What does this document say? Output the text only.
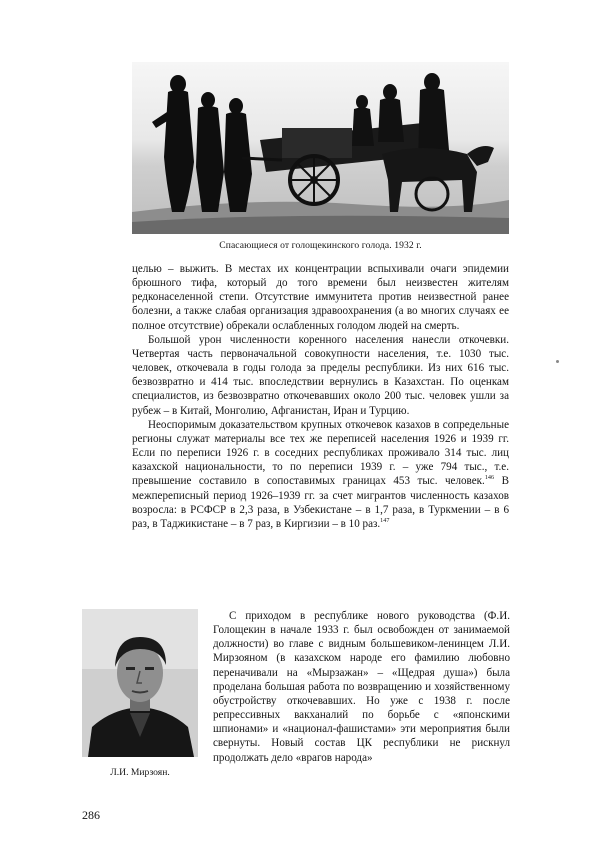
Спасающиеся от голощекинского голода. 1932 г.

целью – выжить. В местах их концентрации вспыхивали очаги эпидемии брюшного тифа, который до того времени был неизвестен жителям редконаселенной степи. Отсутствие иммунитета против неизвестной ранее болезни, а также слабая организация здравоохранения (а во многих случаях ее полное отсутствие) обрекали ослабленных голодом людей на смерть.

Большой урон численности коренного населения нанесли откочевки. Четвертая часть первоначальной совокупности населения, т.е. 1030 тыс. человек, откочевала в годы голода за пределы республики. Из них 616 тыс. безвозвратно и 414 тыс. впоследствии вернулись в Казахстан. По оценкам специалистов, из безвозвратно откочевавших около 200 тыс. человек ушли за рубеж – в Китай, Монголию, Афганистан, Иран и Турцию.

Неоспоримым доказательством крупных откочевок казахов в сопредельные регионы служат материалы все тех же переписей населения 1926 и 1939 гг. Если по переписи 1926 г. в соседних республиках проживало 314 тыс. лиц казахской национальности, то по переписи 1939 г. – уже 794 тыс., т.е. превышение составило в сопоставимых границах 453 тыс. человек.$^{146}$ В межпереписный период 1926–1939 гг. за счет мигрантов численность казахов возросла: в РСФСР в 2,3 раза, в Узбекистане – в 1,7 раза, в Туркмении – в 6 раз, в Таджикистане – в 7 раз, в Киргизии – в 10 раз.$^{147}$

Л.И. Мирзоян.

С приходом в республике нового руководства (Ф.И. Голощекин в начале 1933 г. был освобожден от занимаемой должности) во главе с видным большевиком-ленинцем Л.И. Мирзояном (в казахском народе его фамилию любовно переначивали на «Мырзажан» – «Щедрая душа») была проделана большая работа по возвращению и хозяйственному обустройству откочевавших. Но уже с 1938 г. после репрессивных вакханалий по борьбе с «японскими шпионами» и «национал-фашистами» эти мероприятия были свернуты. Новый состав ЦК республики не рискнул продолжать дело «врагов народа»

286
